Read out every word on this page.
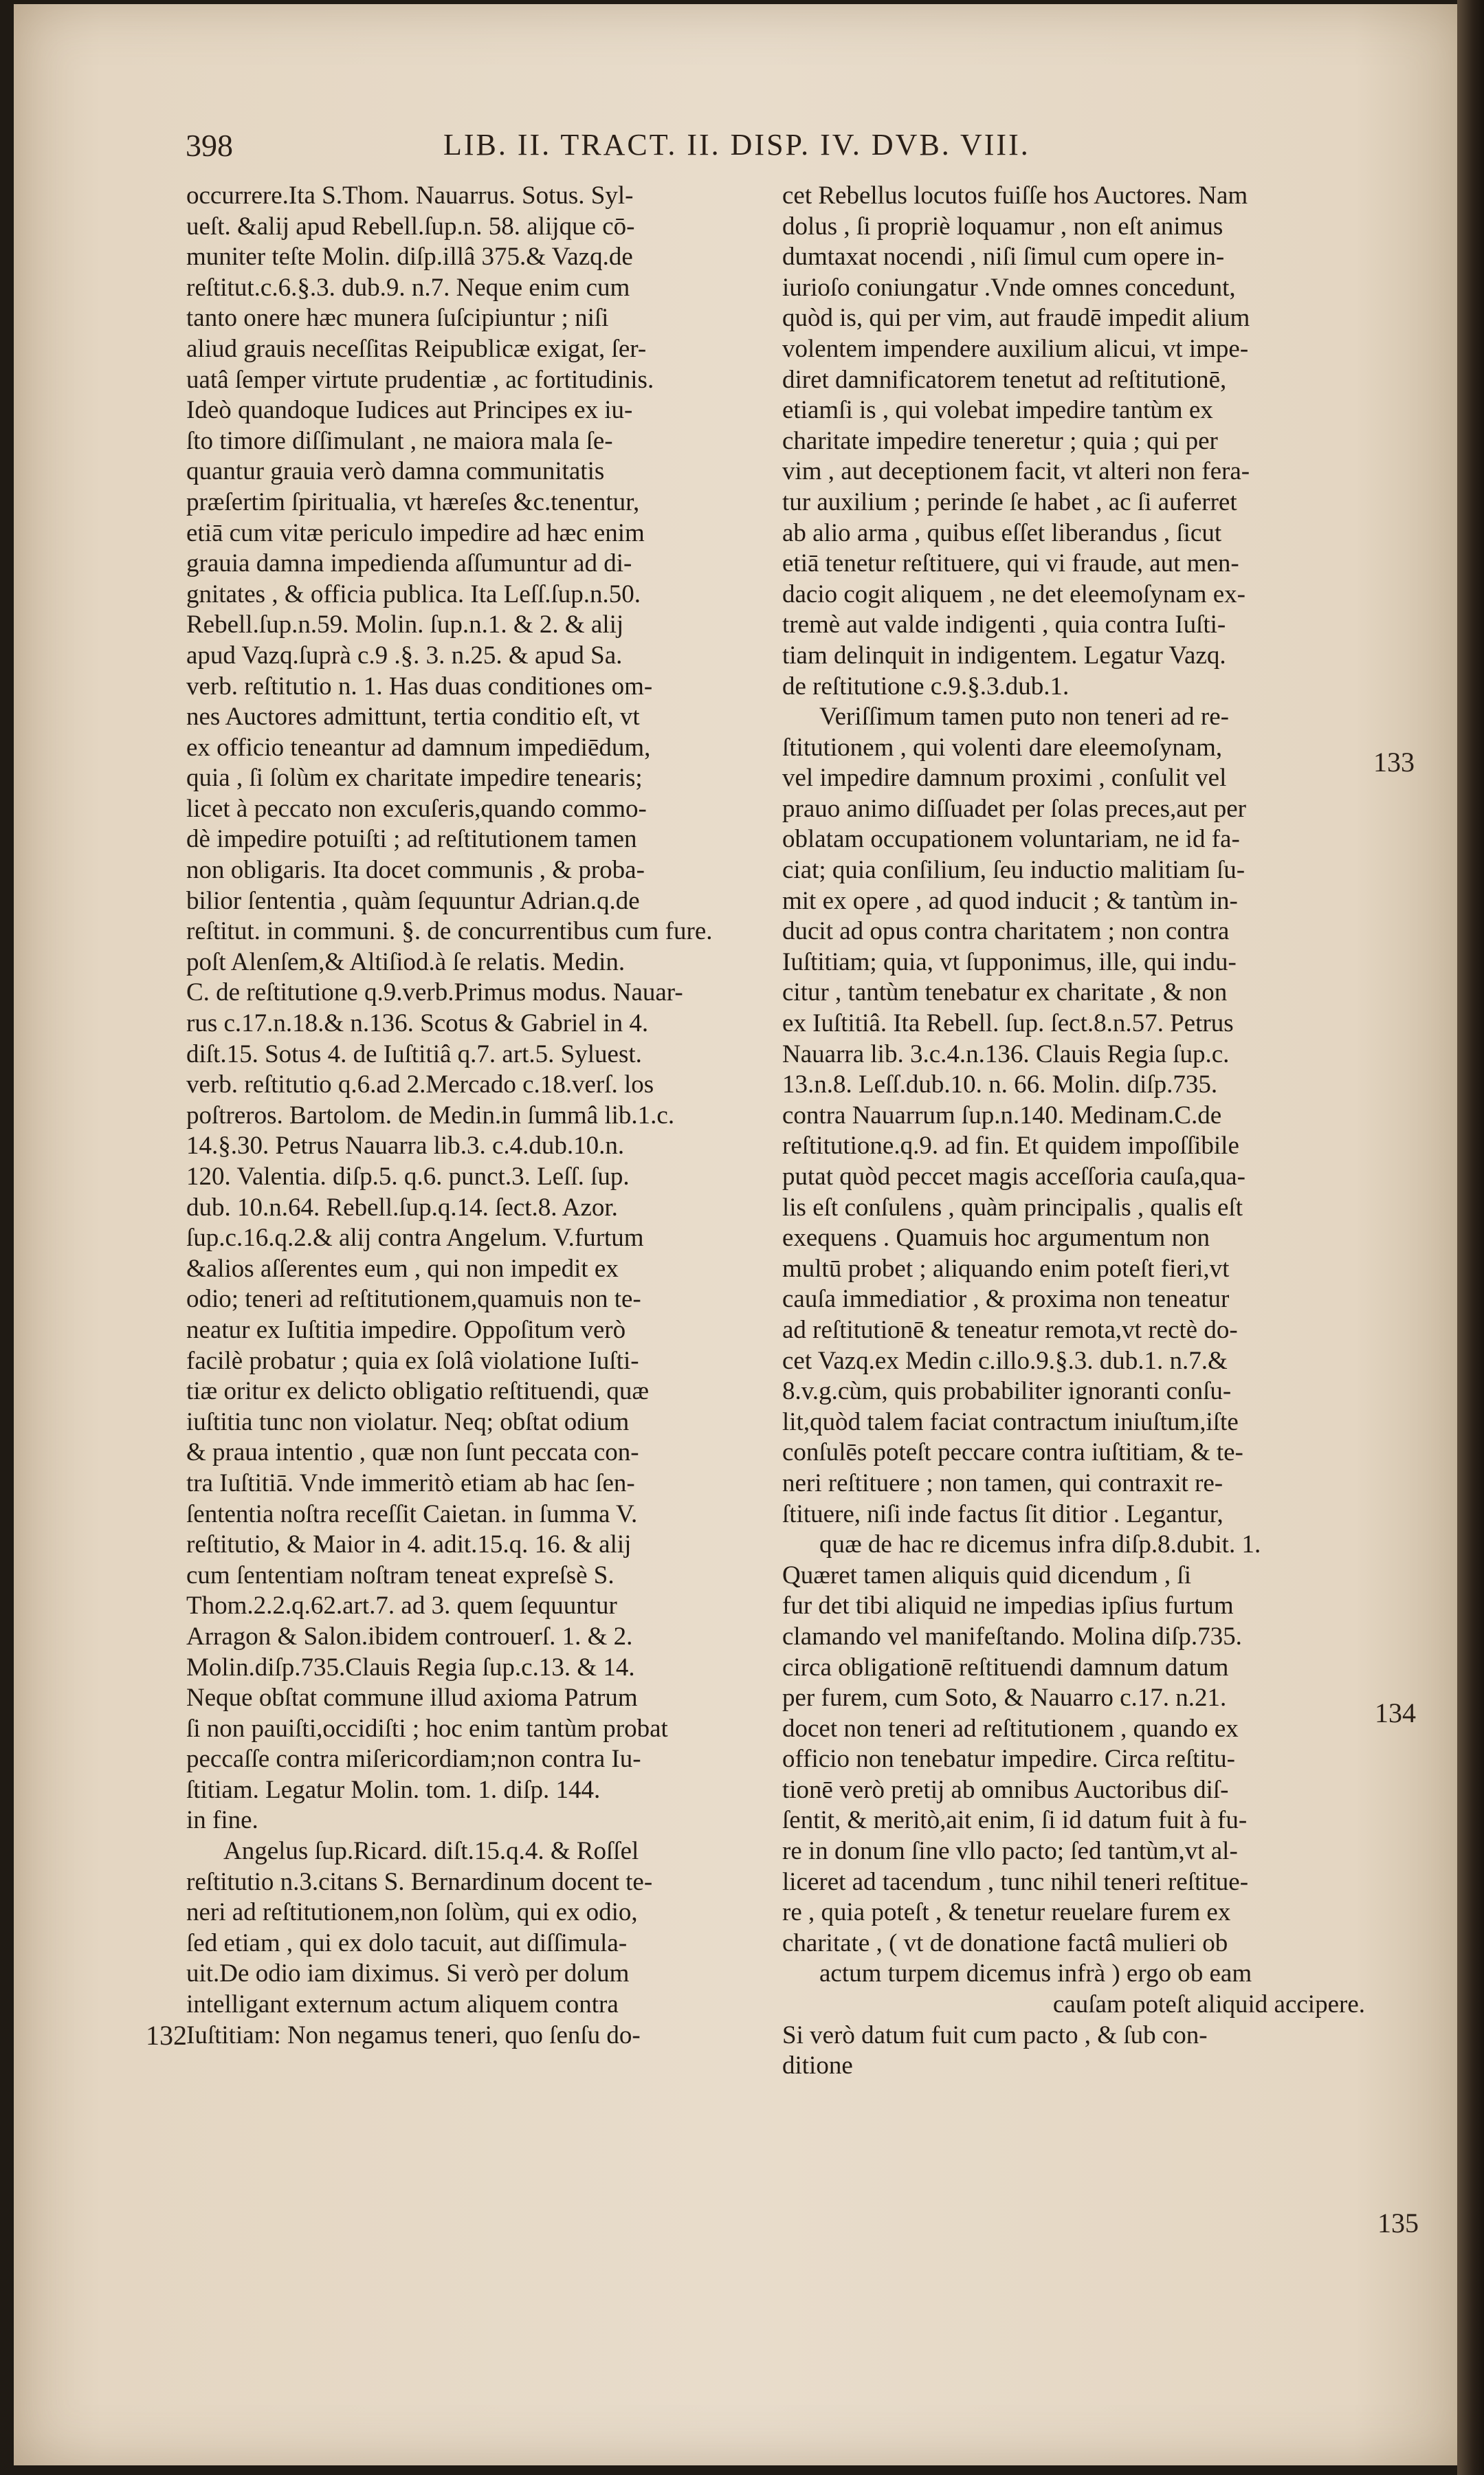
398	LIB. II. TRACT. II. DISP. IV. DVB. VIII.
occurrere.Ita S.Thom. Nauarrus. Sotus. Syl-
ueſt. &alij apud Rebell.ſup.n. 58. alijque cō-
muniter teſte Molin. diſp.illâ 375.& Vazq.de
reſtitut.c.6.§.3. dub.9. n.7. Neque enim cum
tanto onere hæc munera ſuſcipiuntur ; niſi
aliud grauis neceſſitas Reipublicæ exigat, ſer-
uatâ ſemper virtute prudentiæ , ac fortitudinis.
Ideò quandoque Iudices aut Principes ex iu-
ſto timore diſſimulant , ne maiora mala ſe-
quantur grauia verò damna communitatis
præſertim ſpiritualia, vt hæreſes &c.tenentur,
etiā cum vitæ periculo impedire ad hæc enim
grauia damna impedienda aſſumuntur ad di-
gnitates , & officia publica. Ita Leſſ.ſup.n.50.
Rebell.ſup.n.59. Molin. ſup.n.1. & 2. & alij
apud Vazq.ſuprà c.9 .§. 3. n.25. & apud Sa.
verb. reſtitutio n. 1. Has duas conditiones om-
nes Auctores admittunt, tertia conditio eſt, vt
ex officio teneantur ad damnum impediēdum,
quia , ſi ſolùm ex charitate impedire tenearis;
licet à peccato non excuſeris,quando commo-
dè impedire potuiſti ; ad reſtitutionem tamen
non obligaris. Ita docet communis , & proba-
bilior ſententia , quàm ſequuntur Adrian.q.de
reſtitut. in communi. §. de concurrentibus cum fure.
poſt Alenſem,& Altiſiod.à ſe relatis. Medin.
C. de reſtitutione q.9.verb.Primus modus. Nauar-
rus c.17.n.18.& n.136. Scotus & Gabriel in 4.
diſt.15. Sotus 4. de Iuſtitiâ q.7. art.5. Syluest.
verb. reſtitutio q.6.ad 2.Mercado c.18.verſ. los
poſtreros. Bartolom. de Medin.in ſummâ lib.1.c.
14.§.30. Petrus Nauarra lib.3. c.4.dub.10.n.
120. Valentia. diſp.5. q.6. punct.3. Leſſ. ſup.
dub. 10.n.64. Rebell.ſup.q.14. ſect.8. Azor.
ſup.c.16.q.2.& alij contra Angelum. V.furtum
&alios aſſerentes eum , qui non impedit ex
odio; teneri ad reſtitutionem,quamuis non te-
neatur ex Iuſtitia impedire. Oppoſitum verò
facilè probatur ; quia ex ſolâ violatione Iuſti-
tiæ oritur ex delicto obligatio reſtituendi, quæ
iuſtitia tunc non violatur. Neq; obſtat odium
& praua intentio , quæ non ſunt peccata con-
tra Iuſtitiā. Vnde immeritò etiam ab hac ſen-
ſententia noſtra receſſit Caietan. in ſumma V.
reſtitutio, & Maior in 4. adit.15.q. 16. & alij
cum ſententiam noſtram teneat expreſsè S.
Thom.2.2.q.62.art.7. ad 3. quem ſequuntur
Arragon & Salon.ibidem controuerſ. 1. & 2.
Molin.diſp.735.Clauis Regia ſup.c.13. & 14.
Neque obſtat commune illud axioma Patrum
ſi non pauiſti,occidiſti ; hoc enim tantùm probat
peccaſſe contra miſericordiam;non contra Iu-
ſtitiam. Legatur Molin. tom. 1. diſp. 144.
in fine.
Angelus ſup.Ricard. diſt.15.q.4. & Roſſel
reſtitutio n.3.citans S. Bernardinum docent te-
neri ad reſtitutionem,non ſolùm, qui ex odio,
ſed etiam , qui ex dolo tacuit, aut diſſimula-
uit.De odio iam diximus. Si verò per dolum
intelligant externum actum aliquem contra
Iuſtitiam: Non negamus teneri, quo ſenſu do-
cet Rebellus locutos fuiſſe hos Auctores. Nam
dolus , ſi propriè loquamur , non eſt animus
dumtaxat nocendi , niſi ſimul cum opere in-
iurioſo coniungatur .Vnde omnes concedunt,
quòd is, qui per vim, aut fraudē impedit alium
volentem impendere auxilium alicui, vt impe-
diret damnificatorem tenetut ad reſtitutionē,
etiamſi is , qui volebat impedire tantùm ex
charitate impedire teneretur ; quia ; qui per
vim , aut deceptionem facit, vt alteri non fera-
tur auxilium ; perinde ſe habet , ac ſi auferret
ab alio arma , quibus eſſet liberandus , ſicut
etiā tenetur reſtituere, qui vi fraude, aut men-
dacio cogit aliquem , ne det eleemoſynam ex-
tremè aut valde indigenti , quia contra Iuſti-
tiam delinquit in indigentem. Legatur Vazq.
de reſtitutione c.9.§.3.dub.1.
Veriſſimum tamen puto non teneri ad re-
ſtitutionem , qui volenti dare eleemoſynam,
vel impedire damnum proximi , conſulit vel
prauo animo diſſuadet per ſolas preces,aut per
oblatam occupationem voluntariam, ne id fa-
ciat; quia conſilium, ſeu inductio malitiam ſu-
mit ex opere , ad quod inducit ; & tantùm in-
ducit ad opus contra charitatem ; non contra
Iuſtitiam; quia, vt ſupponimus, ille, qui indu-
citur , tantùm tenebatur ex charitate , & non
ex Iuſtitiâ. Ita Rebell. ſup. ſect.8.n.57. Petrus
Nauarra lib. 3.c.4.n.136. Clauis Regia ſup.c.
13.n.8. Leſſ.dub.10. n. 66. Molin. diſp.735.
contra Nauarrum ſup.n.140. Medinam.C.de
reſtitutione.q.9. ad fin. Et quidem impoſſibile
putat quòd peccet magis acceſſoria cauſa,qua-
lis eſt conſulens , quàm principalis , qualis eſt
exequens . Quamuis hoc argumentum non
multū probet ; aliquando enim poteſt fieri,vt
cauſa immediatior , & proxima non teneatur
ad reſtitutionē & teneatur remota,vt rectè do-
cet Vazq.ex Medin c.illo.9.§.3. dub.1. n.7.&
8.v.g.cùm, quis probabiliter ignoranti conſu-
lit,quòd talem faciat contractum iniuſtum,iſte
conſulēs poteſt peccare contra iuſtitiam, & te-
neri reſtituere ; non tamen, qui contraxit re-
ſtituere, niſi inde factus ſit ditior . Legantur,
quæ de hac re dicemus infra diſp.8.dubit. 1.
Quæret tamen aliquis quid dicendum , ſi
fur det tibi aliquid ne impedias ipſius furtum
clamando vel manifeſtando. Molina diſp.735.
circa obligationē reſtituendi damnum datum
per furem, cum Soto, & Nauarro c.17. n.21.
docet non teneri ad reſtitutionem , quando ex
officio non tenebatur impedire. Circa reſtitu-
tionē verò pretij ab omnibus Auctoribus diſ-
ſentit, & meritò,ait enim, ſi id datum fuit à fu-
re in donum ſine vllo pacto; ſed tantùm,vt al-
liceret ad tacendum , tunc nihil teneri reſtitue-
re , quia poteſt , & tenetur reuelare furem ex
charitate , ( vt de donatione factâ mulieri ob
actum turpem dicemus infrà ) ergo ob eam
cauſam poteſt aliquid accipere.
Si verò datum fuit cum pacto , & ſub con-
ditione
132
133
134
135
